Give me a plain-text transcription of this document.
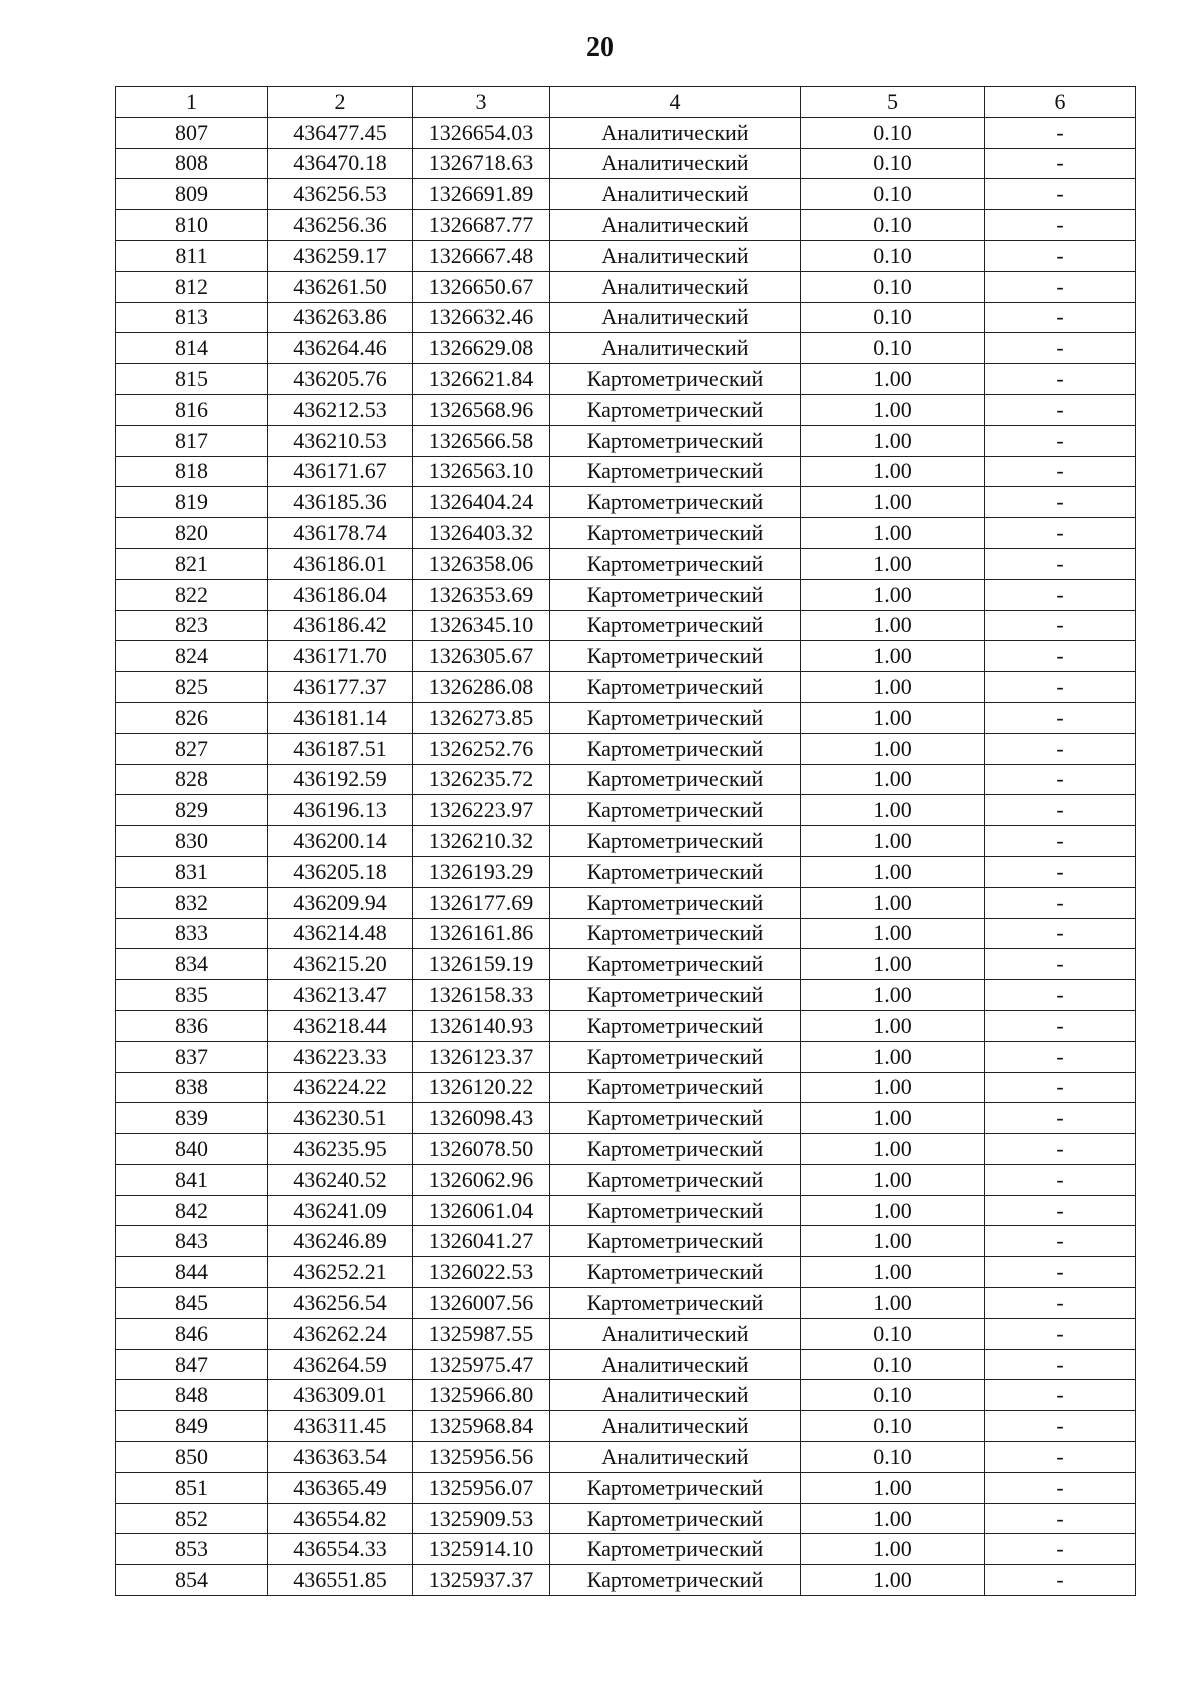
20
1	2	3	4	5	6
807	436477.45	1326654.03	Аналитический	0.10	-
808	436470.18	1326718.63	Аналитический	0.10	-
809	436256.53	1326691.89	Аналитический	0.10	-
810	436256.36	1326687.77	Аналитический	0.10	-
811	436259.17	1326667.48	Аналитический	0.10	-
812	436261.50	1326650.67	Аналитический	0.10	-
813	436263.86	1326632.46	Аналитический	0.10	-
814	436264.46	1326629.08	Аналитический	0.10	-
815	436205.76	1326621.84	Картометрический	1.00	-
816	436212.53	1326568.96	Картометрический	1.00	-
817	436210.53	1326566.58	Картометрический	1.00	-
818	436171.67	1326563.10	Картометрический	1.00	-
819	436185.36	1326404.24	Картометрический	1.00	-
820	436178.74	1326403.32	Картометрический	1.00	-
821	436186.01	1326358.06	Картометрический	1.00	-
822	436186.04	1326353.69	Картометрический	1.00	-
823	436186.42	1326345.10	Картометрический	1.00	-
824	436171.70	1326305.67	Картометрический	1.00	-
825	436177.37	1326286.08	Картометрический	1.00	-
826	436181.14	1326273.85	Картометрический	1.00	-
827	436187.51	1326252.76	Картометрический	1.00	-
828	436192.59	1326235.72	Картометрический	1.00	-
829	436196.13	1326223.97	Картометрический	1.00	-
830	436200.14	1326210.32	Картометрический	1.00	-
831	436205.18	1326193.29	Картометрический	1.00	-
832	436209.94	1326177.69	Картометрический	1.00	-
833	436214.48	1326161.86	Картометрический	1.00	-
834	436215.20	1326159.19	Картометрический	1.00	-
835	436213.47	1326158.33	Картометрический	1.00	-
836	436218.44	1326140.93	Картометрический	1.00	-
837	436223.33	1326123.37	Картометрический	1.00	-
838	436224.22	1326120.22	Картометрический	1.00	-
839	436230.51	1326098.43	Картометрический	1.00	-
840	436235.95	1326078.50	Картометрический	1.00	-
841	436240.52	1326062.96	Картометрический	1.00	-
842	436241.09	1326061.04	Картометрический	1.00	-
843	436246.89	1326041.27	Картометрический	1.00	-
844	436252.21	1326022.53	Картометрический	1.00	-
845	436256.54	1326007.56	Картометрический	1.00	-
846	436262.24	1325987.55	Аналитический	0.10	-
847	436264.59	1325975.47	Аналитический	0.10	-
848	436309.01	1325966.80	Аналитический	0.10	-
849	436311.45	1325968.84	Аналитический	0.10	-
850	436363.54	1325956.56	Аналитический	0.10	-
851	436365.49	1325956.07	Картометрический	1.00	-
852	436554.82	1325909.53	Картометрический	1.00	-
853	436554.33	1325914.10	Картометрический	1.00	-
854	436551.85	1325937.37	Картометрический	1.00	-
